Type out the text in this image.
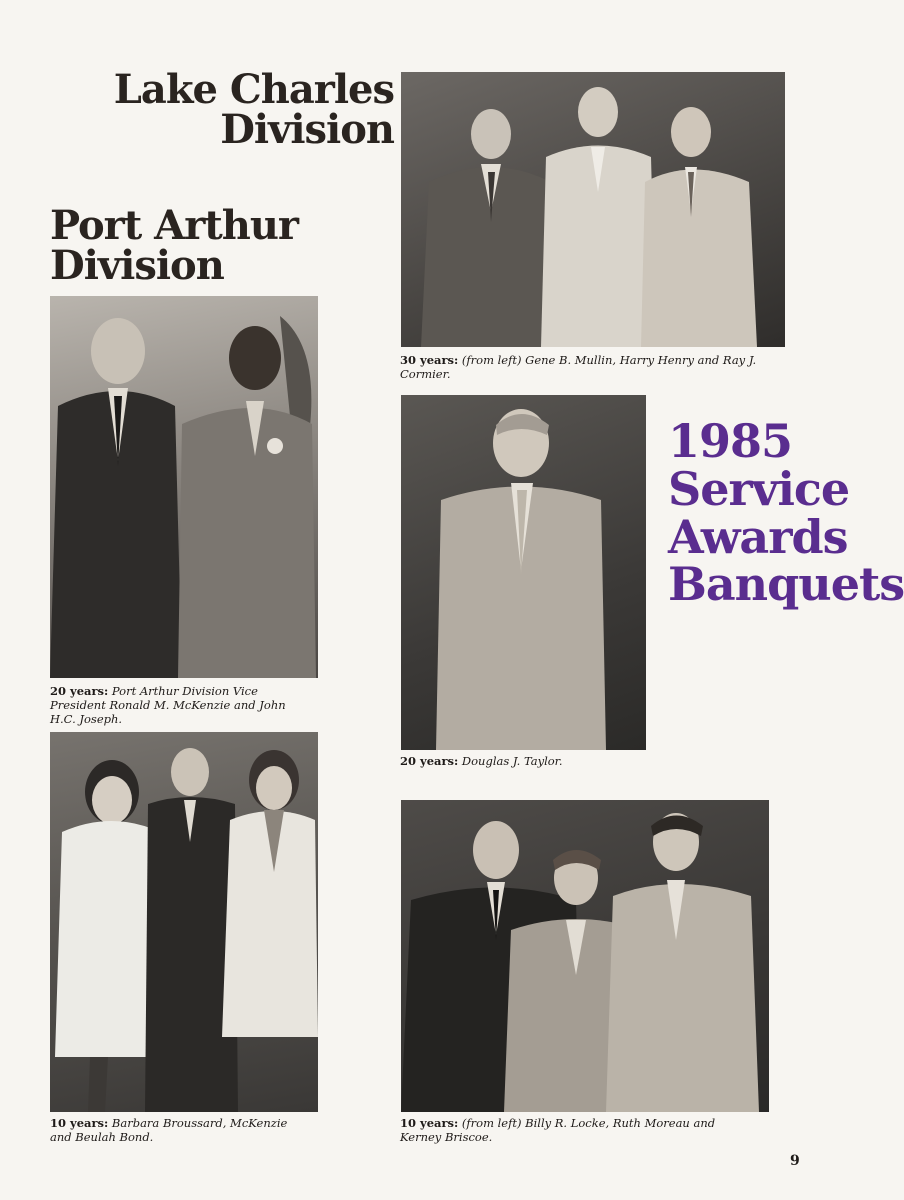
Lake Charles
Division
Port Arthur
Division
1985
Service
Awards
Banquets

30 years: (from left) Gene B. Mullin, Harry Henry and Ray J. Cormier.

20 years: Port Arthur Division Vice President Ronald M. McKenzie and John H.C. Joseph.

20 years: Douglas J. Taylor.

10 years: Barbara Broussard, McKenzie and Beulah Bond.

10 years: (from left) Billy R. Locke, Ruth Moreau and Kerney Briscoe.

9
